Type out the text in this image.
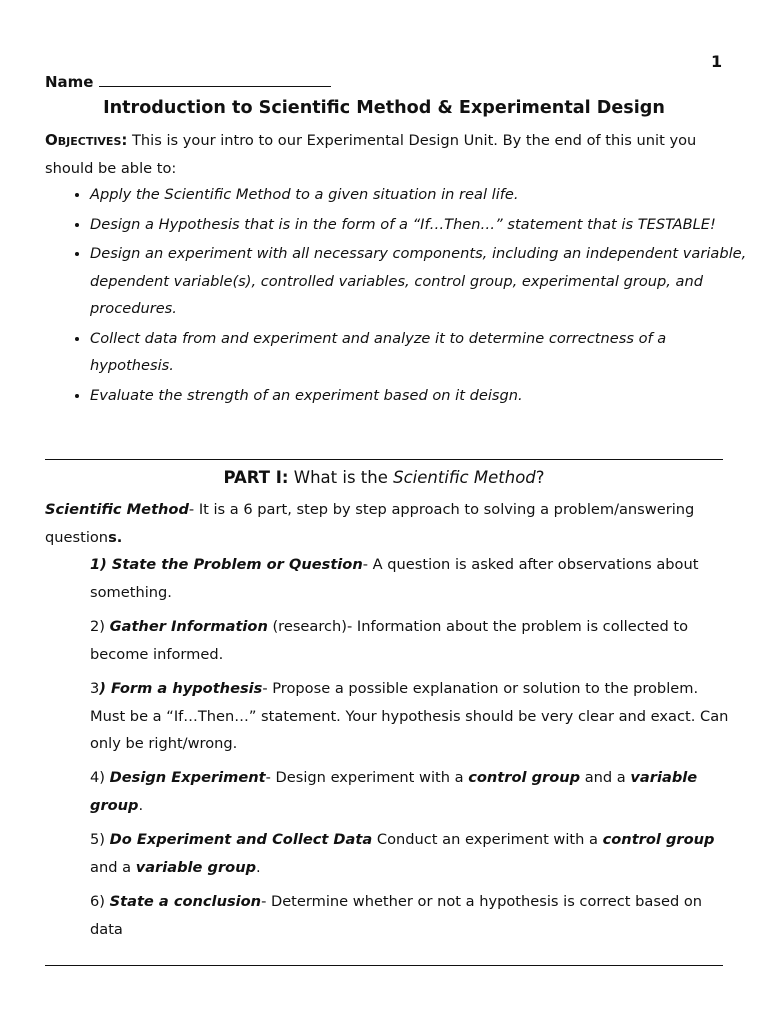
1
Name
Introduction to Scientific Method & Experimental Design

Objectives: This is your intro to our Experimental Design Unit. By the end of this unit you should be able to:

• Apply the Scientific Method to a given situation in real life.
• Design a Hypothesis that is in the form of a “If…Then…” statement that is TESTABLE!
• Design an experiment with all necessary components, including an independent variable, dependent variable(s), controlled variables, control group, experimental group, and procedures.
• Collect data from and experiment and analyze it to determine correctness of a hypothesis.
• Evaluate the strength of an experiment based on it deisgn.
PART I: What is the Scientific Method?

Scientific Method- It is a 6 part, step by step approach to solving a problem/answering questions.

1) State the Problem or Question- A question is asked after observations about something.

2) Gather Information (research)- Information about the problem is collected to become informed.

3) Form a hypothesis- Propose a possible explanation or solution to the problem. Must be a “If…Then…” statement. Your hypothesis should be very clear and exact. Can only be right/wrong.

4) Design Experiment- Design experiment with a control group and a variable group.

5) Do Experiment and Collect Data Conduct an experiment with a control group and a variable group.

6) State a conclusion- Determine whether or not a hypothesis is correct based on data
